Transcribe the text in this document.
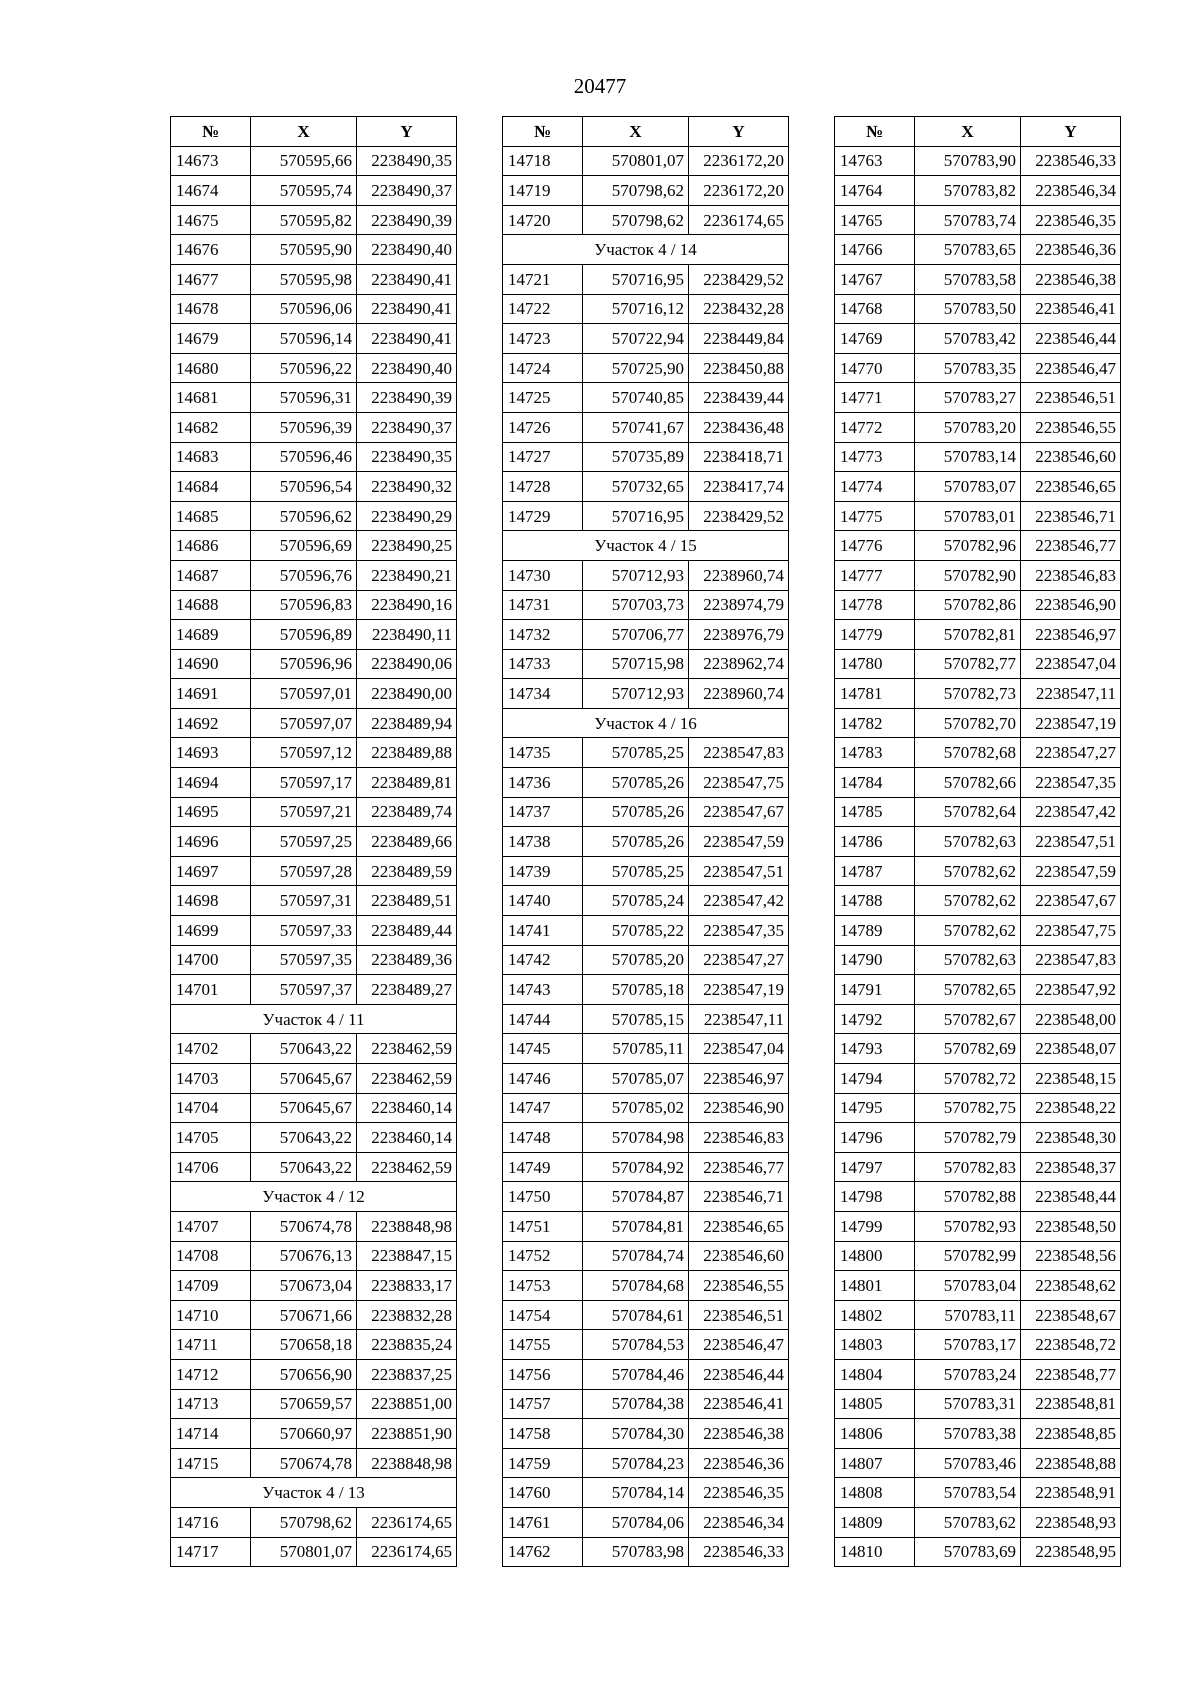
20477
№	X	Y
14673	570595,66	2238490,35
14674	570595,74	2238490,37
14675	570595,82	2238490,39
14676	570595,90	2238490,40
14677	570595,98	2238490,41
14678	570596,06	2238490,41
14679	570596,14	2238490,41
14680	570596,22	2238490,40
14681	570596,31	2238490,39
14682	570596,39	2238490,37
14683	570596,46	2238490,35
14684	570596,54	2238490,32
14685	570596,62	2238490,29
14686	570596,69	2238490,25
14687	570596,76	2238490,21
14688	570596,83	2238490,16
14689	570596,89	2238490,11
14690	570596,96	2238490,06
14691	570597,01	2238490,00
14692	570597,07	2238489,94
14693	570597,12	2238489,88
14694	570597,17	2238489,81
14695	570597,21	2238489,74
14696	570597,25	2238489,66
14697	570597,28	2238489,59
14698	570597,31	2238489,51
14699	570597,33	2238489,44
14700	570597,35	2238489,36
14701	570597,37	2238489,27
Участок 4 / 11		
14702	570643,22	2238462,59
14703	570645,67	2238462,59
14704	570645,67	2238460,14
14705	570643,22	2238460,14
14706	570643,22	2238462,59
Участок 4 / 12		
14707	570674,78	2238848,98
14708	570676,13	2238847,15
14709	570673,04	2238833,17
14710	570671,66	2238832,28
14711	570658,18	2238835,24
14712	570656,90	2238837,25
14713	570659,57	2238851,00
14714	570660,97	2238851,90
14715	570674,78	2238848,98
Участок 4 / 13		
14716	570798,62	2236174,65
14717	570801,07	2236174,65
№	X	Y
14718	570801,07	2236172,20
14719	570798,62	2236172,20
14720	570798,62	2236174,65
Участок 4 / 14		
14721	570716,95	2238429,52
14722	570716,12	2238432,28
14723	570722,94	2238449,84
14724	570725,90	2238450,88
14725	570740,85	2238439,44
14726	570741,67	2238436,48
14727	570735,89	2238418,71
14728	570732,65	2238417,74
14729	570716,95	2238429,52
Участок 4 / 15		
14730	570712,93	2238960,74
14731	570703,73	2238974,79
14732	570706,77	2238976,79
14733	570715,98	2238962,74
14734	570712,93	2238960,74
Участок 4 / 16		
14735	570785,25	2238547,83
14736	570785,26	2238547,75
14737	570785,26	2238547,67
14738	570785,26	2238547,59
14739	570785,25	2238547,51
14740	570785,24	2238547,42
14741	570785,22	2238547,35
14742	570785,20	2238547,27
14743	570785,18	2238547,19
14744	570785,15	2238547,11
14745	570785,11	2238547,04
14746	570785,07	2238546,97
14747	570785,02	2238546,90
14748	570784,98	2238546,83
14749	570784,92	2238546,77
14750	570784,87	2238546,71
14751	570784,81	2238546,65
14752	570784,74	2238546,60
14753	570784,68	2238546,55
14754	570784,61	2238546,51
14755	570784,53	2238546,47
14756	570784,46	2238546,44
14757	570784,38	2238546,41
14758	570784,30	2238546,38
14759	570784,23	2238546,36
14760	570784,14	2238546,35
14761	570784,06	2238546,34
14762	570783,98	2238546,33
№	X	Y
14763	570783,90	2238546,33
14764	570783,82	2238546,34
14765	570783,74	2238546,35
14766	570783,65	2238546,36
14767	570783,58	2238546,38
14768	570783,50	2238546,41
14769	570783,42	2238546,44
14770	570783,35	2238546,47
14771	570783,27	2238546,51
14772	570783,20	2238546,55
14773	570783,14	2238546,60
14774	570783,07	2238546,65
14775	570783,01	2238546,71
14776	570782,96	2238546,77
14777	570782,90	2238546,83
14778	570782,86	2238546,90
14779	570782,81	2238546,97
14780	570782,77	2238547,04
14781	570782,73	2238547,11
14782	570782,70	2238547,19
14783	570782,68	2238547,27
14784	570782,66	2238547,35
14785	570782,64	2238547,42
14786	570782,63	2238547,51
14787	570782,62	2238547,59
14788	570782,62	2238547,67
14789	570782,62	2238547,75
14790	570782,63	2238547,83
14791	570782,65	2238547,92
14792	570782,67	2238548,00
14793	570782,69	2238548,07
14794	570782,72	2238548,15
14795	570782,75	2238548,22
14796	570782,79	2238548,30
14797	570782,83	2238548,37
14798	570782,88	2238548,44
14799	570782,93	2238548,50
14800	570782,99	2238548,56
14801	570783,04	2238548,62
14802	570783,11	2238548,67
14803	570783,17	2238548,72
14804	570783,24	2238548,77
14805	570783,31	2238548,81
14806	570783,38	2238548,85
14807	570783,46	2238548,88
14808	570783,54	2238548,91
14809	570783,62	2238548,93
14810	570783,69	2238548,95
